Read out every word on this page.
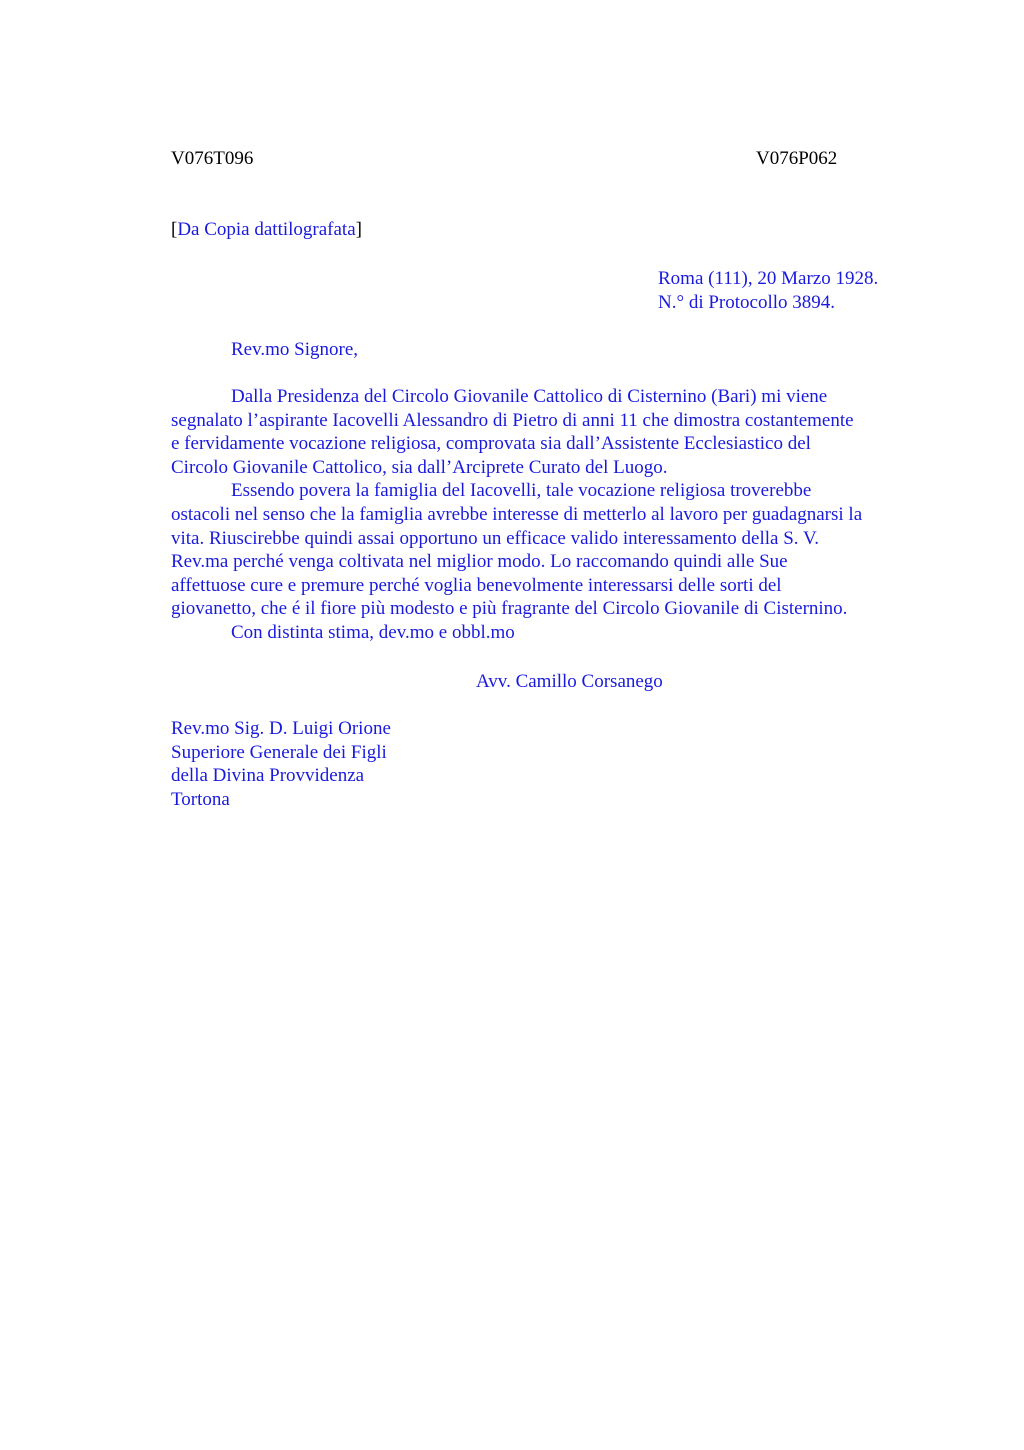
V076T096	V076P062
[Da Copia dattilografata]
Roma (111), 20 Marzo 1928.
N.° di Protocollo 3894.
Rev.mo Signore,
Dalla Presidenza del Circolo Giovanile Cattolico di Cisternino (Bari) mi viene
segnalato l’aspirante Iacovelli Alessandro di Pietro di anni 11 che dimostra costantemente
e fervidamente vocazione religiosa, comprovata sia dall’Assistente Ecclesiastico del
Circolo Giovanile Cattolico, sia dall’Arciprete Curato del Luogo.
Essendo povera la famiglia del Iacovelli, tale vocazione religiosa troverebbe
ostacoli nel senso che la famiglia avrebbe interesse di metterlo al lavoro per guadagnarsi la
vita. Riuscirebbe quindi assai opportuno un efficace valido interessamento della S. V.
Rev.ma perché venga coltivata nel miglior modo. Lo raccomando quindi alle Sue
affettuose cure e premure perché voglia benevolmente interessarsi delle sorti del
giovanetto, che é il fiore più modesto e più fragrante del Circolo Giovanile di Cisternino.
Con distinta stima, dev.mo e obbl.mo
Avv. Camillo Corsanego
Rev.mo Sig. D. Luigi Orione
Superiore Generale dei Figli
della Divina Provvidenza
Tortona
